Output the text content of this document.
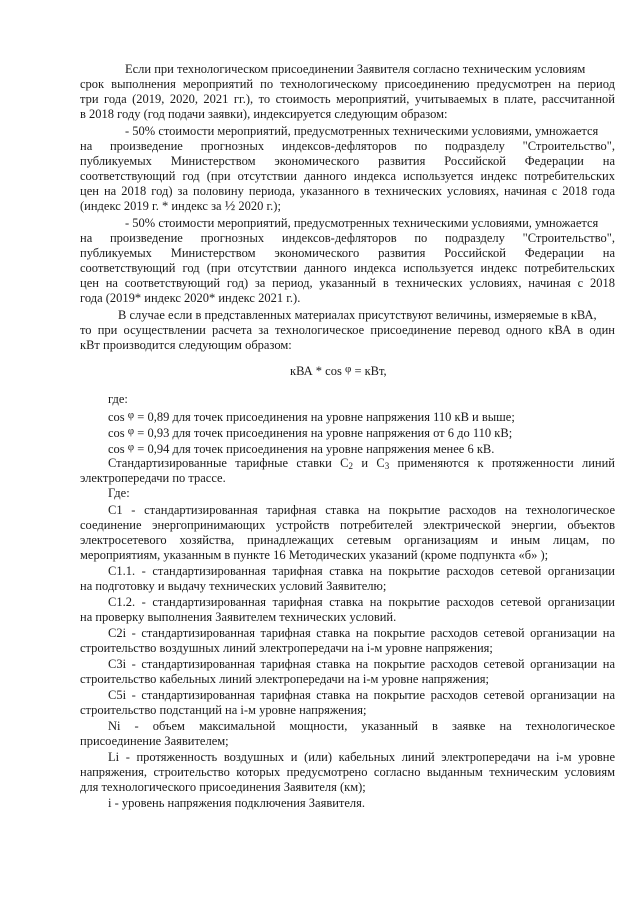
Если при технологическом присоединении Заявителя согласно техническим условиям
срок выполнения мероприятий по технологическому присоединению предусмотрен на период
три года (2019, 2020, 2021 гг.), то стоимость мероприятий, учитываемых в плате, рассчитанной
в 2018 году (год подачи заявки), индексируется следующим образом:
- 50% стоимости мероприятий, предусмотренных техническими условиями, умножается
на произведение прогнозных индексов-дефляторов по подразделу "Строительство",
публикуемых Министерством экономического развития Российской Федерации на
соответствующий год (при отсутствии данного индекса используется индекс потребительских
цен на 2018 год) за половину периода, указанного в технических условиях, начиная с 2018 года
(индекс 2019 г. * индекс за ½ 2020 г.);
- 50% стоимости мероприятий, предусмотренных техническими условиями, умножается
на произведение прогнозных индексов-дефляторов по подразделу "Строительство",
публикуемых Министерством экономического развития Российской Федерации на
соответствующий год (при отсутствии данного индекса используется индекс потребительских
цен на соответствующий год) за период, указанный в технических условиях, начиная с 2018
года (2019* индекс 2020* индекс 2021 г.).
В случае если в представленных материалах присутствуют величины, измеряемые в кВА,
то при осуществлении расчета за технологическое присоединение перевод одного кВА в один
кВт производится следующим образом:
кВА * cos φ = кВт,
где:
cos φ = 0,89 для точек присоединения на уровне напряжения 110 кВ и выше;
cos φ = 0,93 для точек присоединения на уровне напряжения от 6 до 110 кВ;
cos φ = 0,94 для точек присоединения на уровне напряжения менее 6 кВ.
Стандартизированные тарифные ставки $С_2$ и $С_3$ применяются к протяженности линий
электропередачи по трассе.
Где:
С1 - стандартизированная тарифная ставка на покрытие расходов на технологическое
соединение энергопринимающих устройств потребителей электрической энергии, объектов
электросетевого хозяйства, принадлежащих сетевым организациям и иным лицам, по
мероприятиям, указанным в пункте 16 Методических указаний (кроме подпункта «б» );
С1.1. - стандартизированная тарифная ставка на покрытие расходов сетевой организации
на подготовку и выдачу технических условий Заявителю;
С1.2. - стандартизированная тарифная ставка на покрытие расходов сетевой организации
на проверку выполнения Заявителем технических условий.
С2i - стандартизированная тарифная ставка на покрытие расходов сетевой организации на
строительство воздушных линий электропередачи на i-м уровне напряжения;
С3i - стандартизированная тарифная ставка на покрытие расходов сетевой организации на
строительство кабельных линий электропередачи на i-м уровне напряжения;
С5i - стандартизированная тарифная ставка на покрытие расходов сетевой организации на
строительство подстанций на i-м уровне напряжения;
Ni - объем максимальной мощности, указанный в заявке на технологическое
присоединение Заявителем;
Li - протяженность воздушных и (или) кабельных линий электропередачи на i-м уровне
напряжения, строительство которых предусмотрено согласно выданным техническим условиям
для технологического присоединения Заявителя (км);
i - уровень напряжения подключения Заявителя.
